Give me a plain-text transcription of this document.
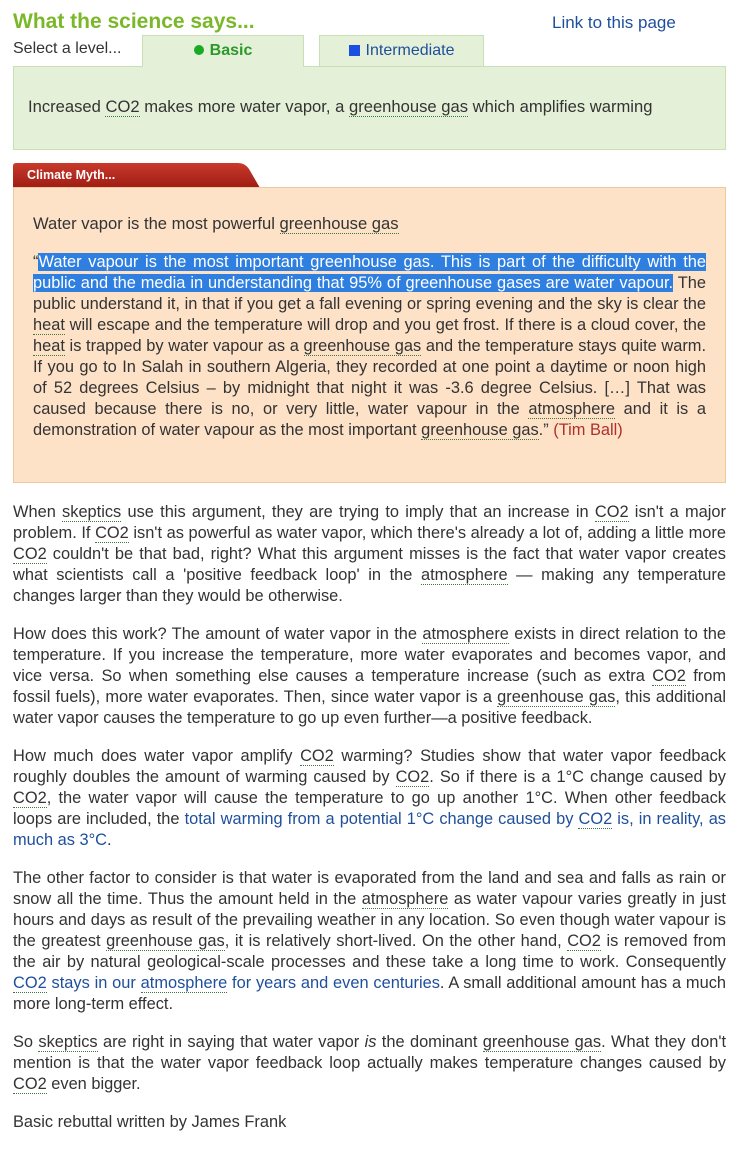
What the science says...	Link to this page
Select a level...	Basic	Intermediate
Increased CO2 makes more water vapor, a greenhouse gas which amplifies warming
Climate Myth...

Water vapor is the most powerful greenhouse gas

“Water vapour is the most important greenhouse gas. This is part of the difficulty with the public and the media in understanding that 95% of greenhouse gases are water vapour. The public understand it, in that if you get a fall evening or spring evening and the sky is clear the heat will escape and the temperature will drop and you get frost. If there is a cloud cover, the heat is trapped by water vapour as a greenhouse gas and the temperature stays quite warm. If you go to In Salah in southern Algeria, they recorded at one point a daytime or noon high of 52 degrees Celsius – by midnight that night it was -3.6 degree Celsius. […] That was caused because there is no, or very little, water vapour in the atmosphere and it is a demonstration of water vapour as the most important greenhouse gas.” (Tim Ball)

When skeptics use this argument, they are trying to imply that an increase in CO2 isn't a major problem. If CO2 isn't as powerful as water vapor, which there's already a lot of, adding a little more CO2 couldn't be that bad, right? What this argument misses is the fact that water vapor creates what scientists call a 'positive feedback loop' in the atmosphere — making any temperature changes larger than they would be otherwise.

How does this work? The amount of water vapor in the atmosphere exists in direct relation to the temperature. If you increase the temperature, more water evaporates and becomes vapor, and vice versa. So when something else causes a temperature increase (such as extra CO2 from fossil fuels), more water evaporates. Then, since water vapor is a greenhouse gas, this additional water vapor causes the temperature to go up even further—a positive feedback.

How much does water vapor amplify CO2 warming? Studies show that water vapor feedback roughly doubles the amount of warming caused by CO2. So if there is a 1°C change caused by CO2, the water vapor will cause the temperature to go up another 1°C. When other feedback loops are included, the total warming from a potential 1°C change caused by CO2 is, in reality, as much as 3°C.

The other factor to consider is that water is evaporated from the land and sea and falls as rain or snow all the time. Thus the amount held in the atmosphere as water vapour varies greatly in just hours and days as result of the prevailing weather in any location. So even though water vapour is the greatest greenhouse gas, it is relatively short-lived. On the other hand, CO2 is removed from the air by natural geological-scale processes and these take a long time to work. Consequently CO2 stays in our atmosphere for years and even centuries. A small additional amount has a much more long-term effect.

So skeptics are right in saying that water vapor is the dominant greenhouse gas. What they don't mention is that the water vapor feedback loop actually makes temperature changes caused by CO2 even bigger.

Basic rebuttal written by James Frank
